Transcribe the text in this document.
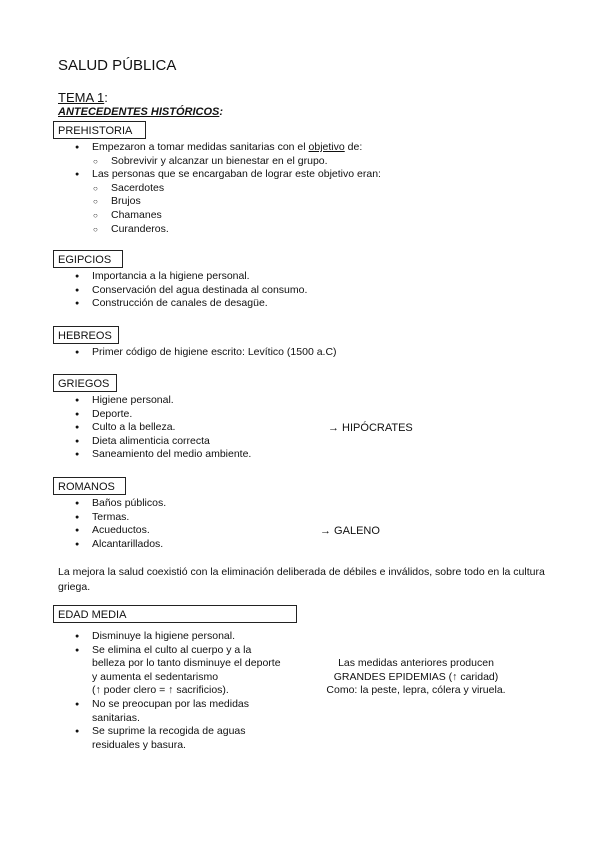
SALUD PÚBLICA
TEMA 1:
ANTECEDENTES HISTÓRICOS:
PREHISTORIA
● Empezaron a tomar medidas sanitarias con el objetivo de:
○ Sobrevivir y alcanzar un bienestar en el grupo.
● Las personas que se encargaban de lograr este objetivo eran:
○ Sacerdotes
○ Brujos
○ Chamanes
○ Curanderos.
EGIPCIOS
● Importancia a la higiene personal.
● Conservación del agua destinada al consumo.
● Construcción de canales de desagüe.
HEBREOS
● Primer código de higiene escrito: Levítico (1500 a.C)
GRIEGOS
● Higiene personal.
● Deporte.
● Culto a la belleza.
● Dieta alimenticia correcta
● Saneamiento del medio ambiente.
→ HIPÓCRATES
ROMANOS
● Baños públicos.
● Termas.
● Acueductos.
● Alcantarillados.
→ GALENO
La mejora la salud coexistió con la eliminación deliberada de débiles e inválidos, sobre todo en la cultura griega.
EDAD MEDIA
● Disminuye la higiene personal.
● Se elimina el culto al cuerpo y a la
belleza por lo tanto disminuye el deporte
y aumenta el sedentarismo
(↑ poder clero = ↑ sacrificios).
● No se preocupan por las medidas
sanitarias.
● Se suprime la recogida de aguas
residuales y basura.
Las medidas anteriores producen
GRANDES EPIDEMIAS (↑ caridad)
Como: la peste, lepra, cólera y viruela.
